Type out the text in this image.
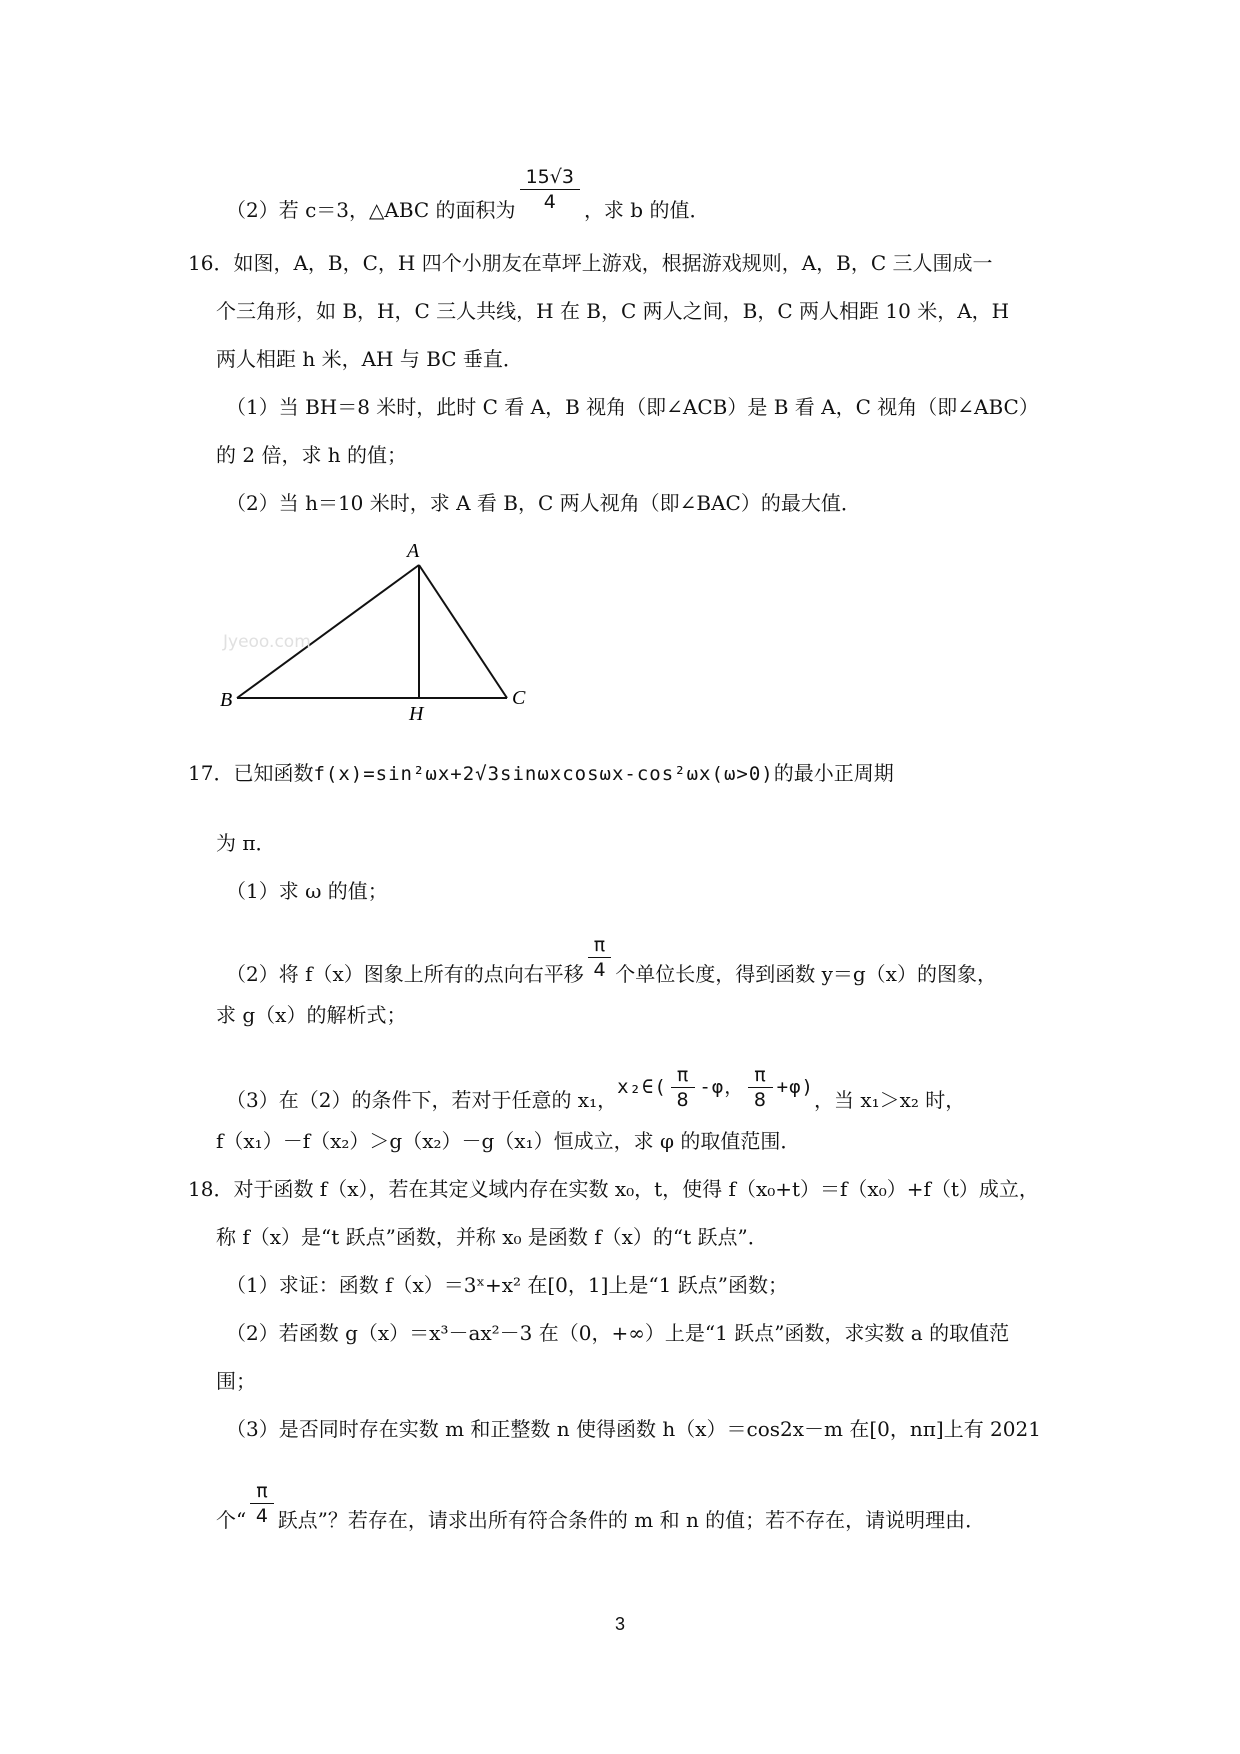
（2）若 c＝3，△ABC 的面积为 $\frac{15√3}{4}$ ，求 b 的值．
16．如图，A，B，C，H 四个小朋友在草坪上游戏，根据游戏规则，A，B，C 三人围成一
个三角形，如 B，H，C 三人共线，H 在 B，C 两人之间，B，C 两人相距 10 米，A，H
两人相距 h 米，AH 与 BC 垂直．
（1）当 BH＝8 米时，此时 C 看 A，B 视角（即∠ACB）是 B 看 A，C 视角（即∠ABC）
的 2 倍，求 h 的值；
（2）当 h＝10 米时，求 A 看 B，C 两人视角（即∠BAC）的最大值．
A
B	C
H
Jyeoo.com
17．已知函数f(x)=sin²ωx+2√3sinωxcosωx-cos²ωx(ω>0)的最小正周期
为 π．
（1）求 ω 的值；
（2）将 f（x）图象上所有的点向右平移 $\frac{\pi}{4}$ 个单位长度，得到函数 y＝g（x）的图象，
求 g（x）的解析式；
（3）在（2）的条件下，若对于任意的 x₁，x₂∈( $\frac{\pi}{8} -\varphi$， $\frac{\pi}{8} +\varphi$)，当 x₁＞x₂ 时，
f（x₁）－f（x₂）＞g（x₂）－g（x₁）恒成立，求 φ 的取值范围．
18．对于函数 f（x），若在其定义域内存在实数 x₀，t，使得 f（x₀+t）＝f（x₀）+f（t）成立，
称 f（x）是“t 跃点”函数，并称 x₀ 是函数 f（x）的“t 跃点”．
（1）求证：函数 f（x）＝3ˣ+x² 在[0，1]上是“1 跃点”函数；
（2）若函数 g（x）＝x³－ax²－3 在（0，+∞）上是“1 跃点”函数，求实数 a 的取值范
围；
（3）是否同时存在实数 m 和正整数 n 使得函数 h（x）＝cos2x－m 在[0，nπ]上有 2021
个“ $\frac{\pi}{4}$ 跃点”？若存在，请求出所有符合条件的 m 和 n 的值；若不存在，请说明理由．
3
